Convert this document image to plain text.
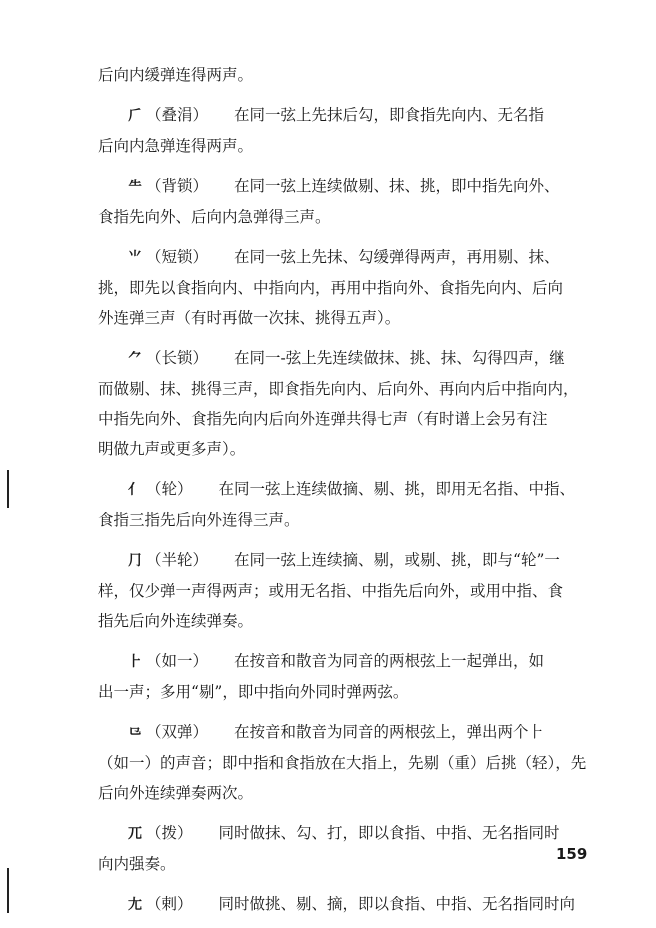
后向内缓弹连得两声。
𠂆 （叠涓） 在同一弦上先抹后勾，即食指先向内、无名指
后向内急弹连得两声。
⺧ （背锁） 在同一弦上连续做剔、抹、挑，即中指先向外、
食指先向外、后向内急弹得三声。
⺌ （短锁） 在同一弦上先抹、勾缓弹得两声，再用剔、抹、
挑，即先以食指向内、中指向内，再用中指向外、食指先向内、后向
外连弹三声（有时再做一次抹、挑得五声）。
⺈ （长锁） 在同一-弦上先连续做抹、挑、抹、勾得四声，继
而做剔、抹、挑得三声，即食指先向内、后向外、再向内后中指向内，
中指先向外、食指先向内后向外连弹共得七声（有时谱上会另有注
明做九声或更多声）。
⺅ （轮） 在同一弦上连续做摘、剔、挑，即用无名指、中指、
食指三指先后向外连得三声。
⺆ （半轮） 在同一弦上连续摘、剔，或剔、挑，即与“轮”一
样，仅少弹一声得两声；或用无名指、中指先后向外，或用中指、食
指先后向外连续弹奏。
⺊ （如一） 在按音和散音为同音的两根弦上一起弹出，如
出一声；多用“剔”，即中指向外同时弹两弦。
⺋ （双弹） 在按音和散音为同音的两根弦上，弹出两个⺊
（如一）的声音；即中指和食指放在大指上，先剔（重）后挑（轻），先
后向外连续弹奏两次。
⺎ （拨） 同时做抹、勾、打，即以食指、中指、无名指同时
向内强奏。
⺐ （剌） 同时做挑、剔、摘，即以食指、中指、无名指同时向
159
